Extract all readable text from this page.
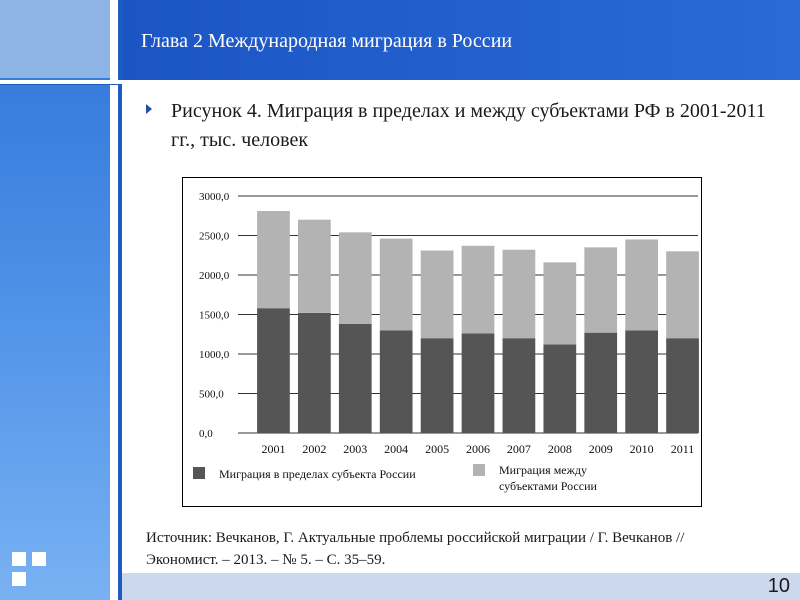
Глава 2 Международная миграция в России
Рисунок 4. Миграция в пределах и между субъектами РФ в 2001-2011 гг., тыс. человек
0,0
500,0
1000,0
1500,0
2000,0
2500,0
3000,0
2001 2002 2003 2004 2005 2006 2007 2008 2009 2010 2011
Миграция в пределах субъекта России	Миграция между субъектами России
Источник: Вечканов, Г. Актуальные проблемы российской миграции / Г. Вечканов // Экономист. – 2013. – № 5. – С. 35–59.
10
